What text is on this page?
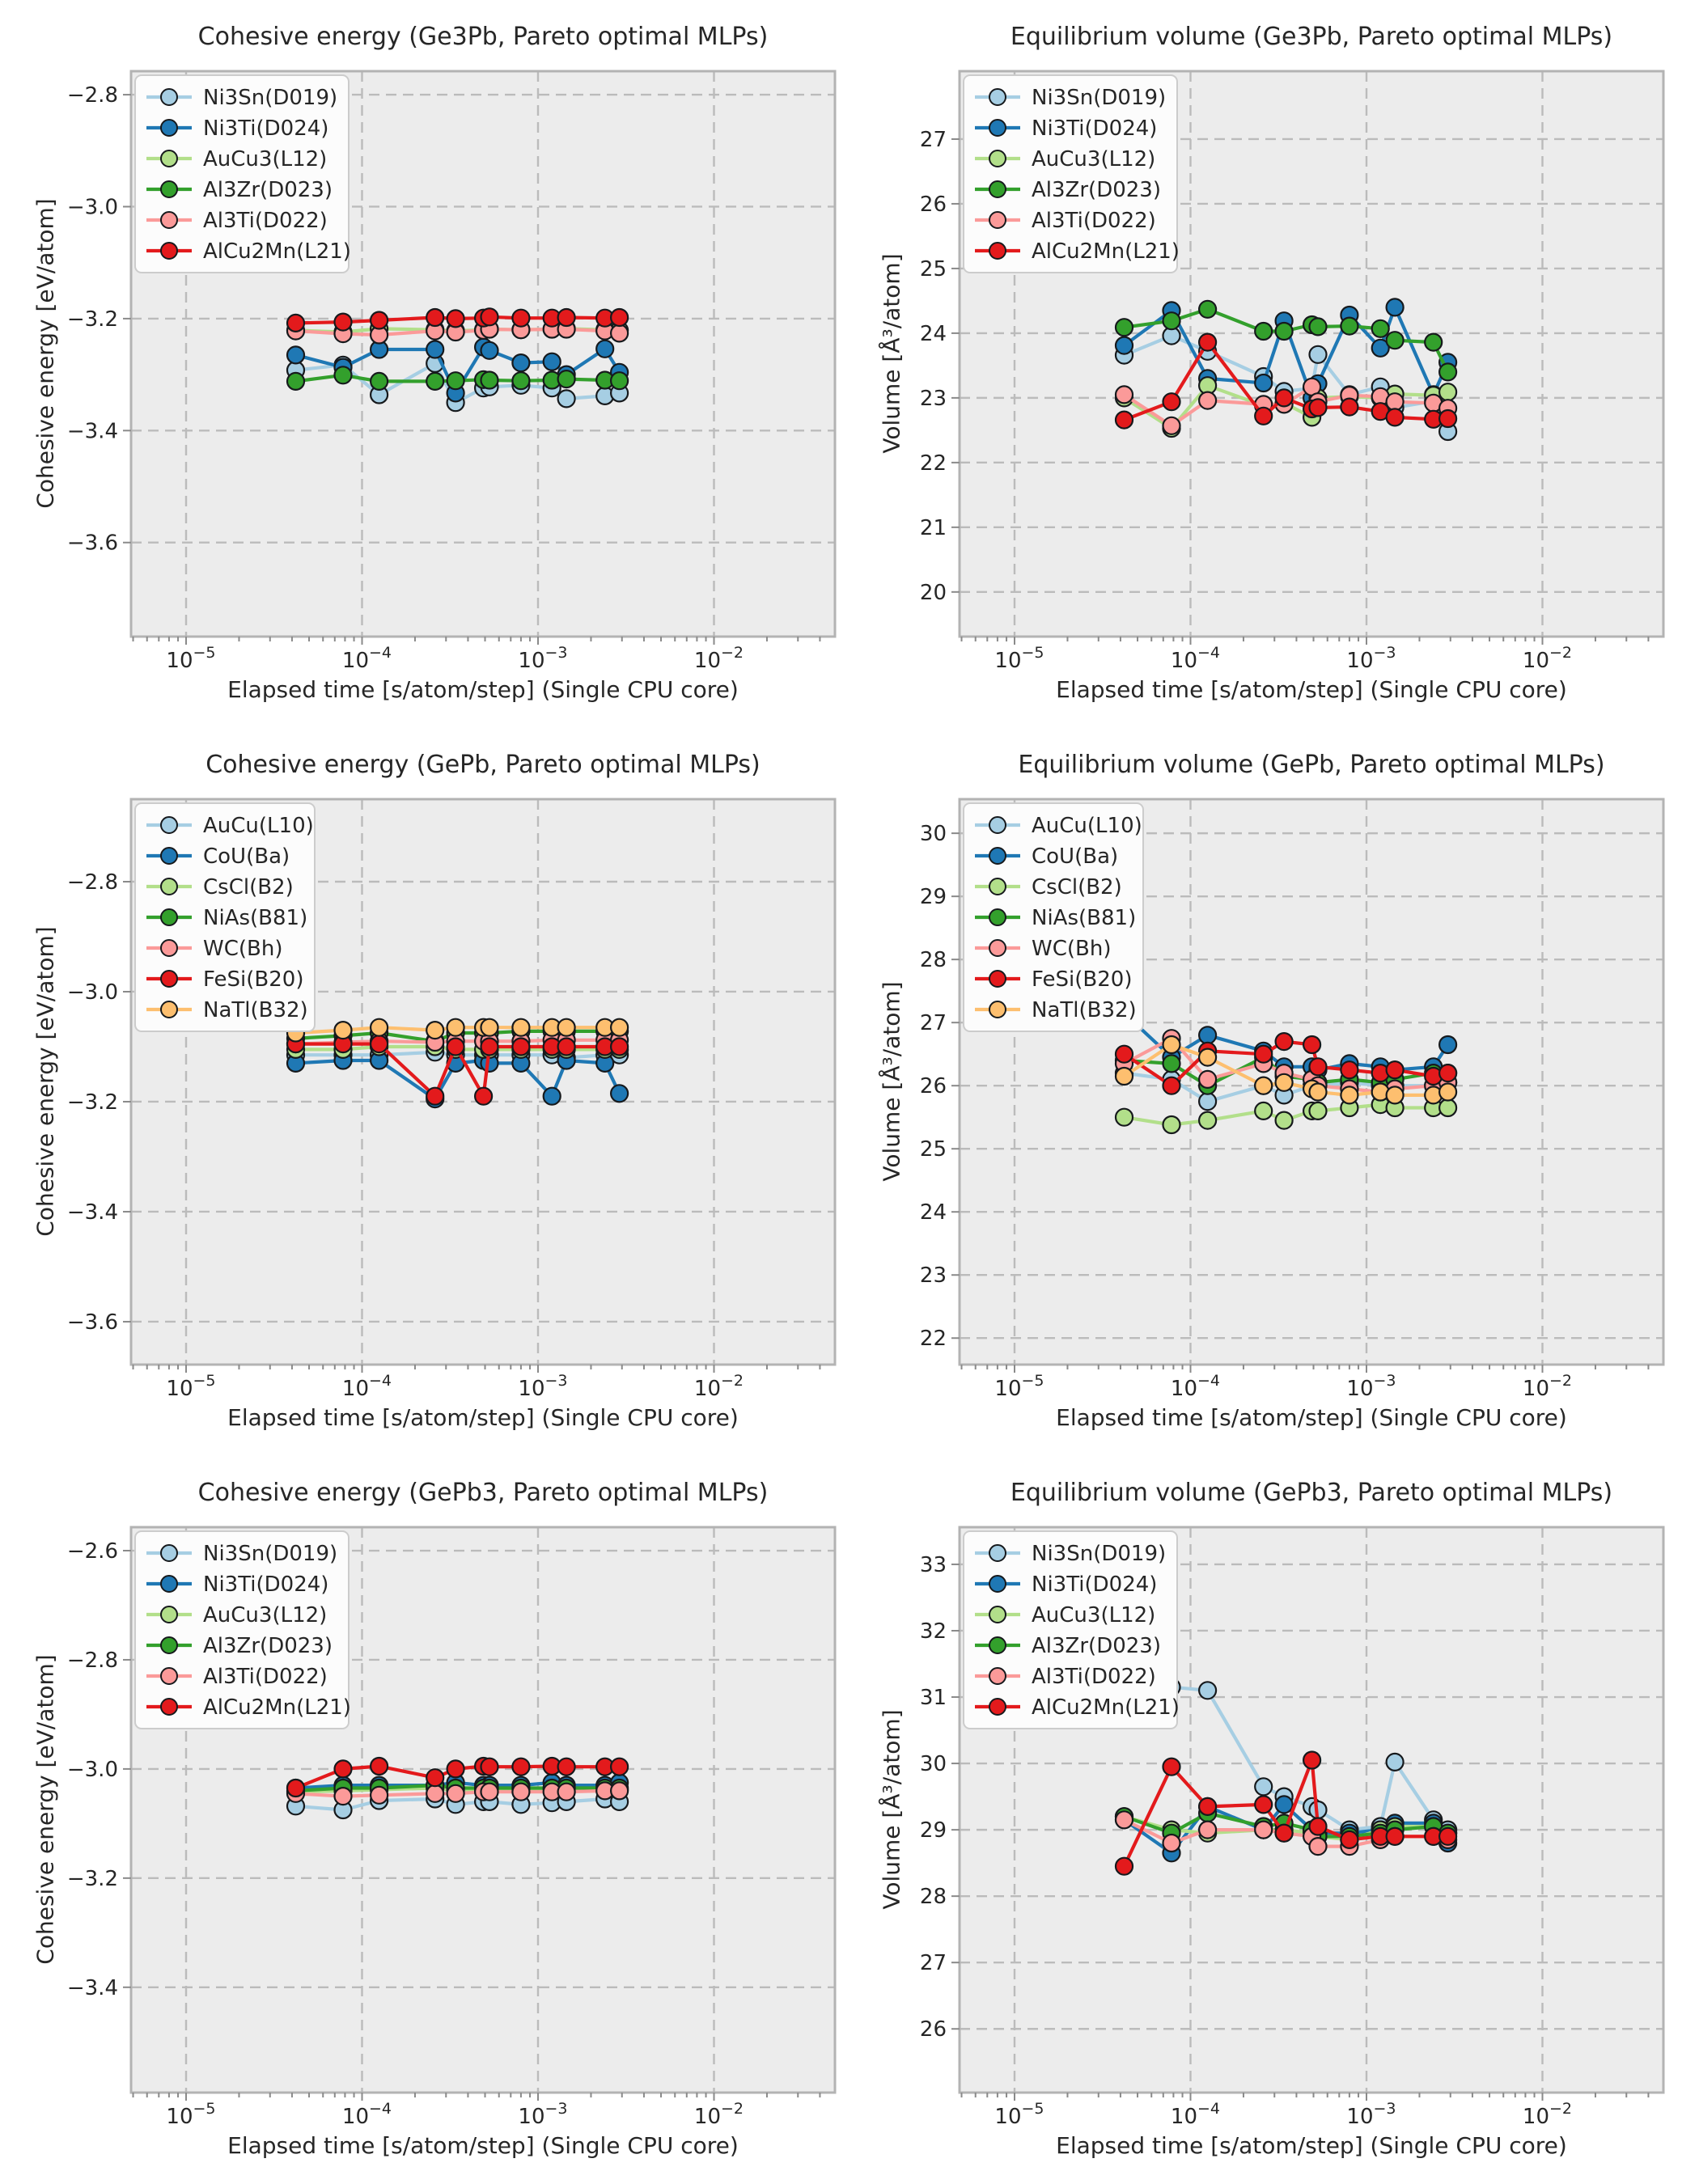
Cohesive energy (Ge3Pb, Pareto optimal MLPs)
Cohesive energy [eV/atom]
−2.8
−3.0
−3.2
−3.4
−3.6
$10^{-5}$	$10^{-4}$	$10^{-3}$	$10^{-2}$
Ni3Sn(D019)
Ni3Ti(D024)
AuCu3(L12)
Al3Zr(D023)
Al3Ti(D022)
AlCu2Mn(L21)
Elapsed time [s/atom/step] (Single CPU core)
Equilibrium volume (Ge3Pb, Pareto optimal MLPs)
Volume [Å³/atom]
20
21
22
23
24
25
26
27
$10^{-5}$	$10^{-4}$	$10^{-3}$	$10^{-2}$
Ni3Sn(D019)
Ni3Ti(D024)
AuCu3(L12)
Al3Zr(D023)
Al3Ti(D022)
AlCu2Mn(L21)
Elapsed time [s/atom/step] (Single CPU core)
Cohesive energy (GePb, Pareto optimal MLPs)
Cohesive energy [eV/atom]
−2.8
−3.0
−3.2
−3.4
−3.6
$10^{-5}$	$10^{-4}$	$10^{-3}$	$10^{-2}$
AuCu(L10)
CoU(Ba)
CsCl(B2)
NiAs(B81)
WC(Bh)
FeSi(B20)
NaTl(B32)
Elapsed time [s/atom/step] (Single CPU core)
Equilibrium volume (GePb, Pareto optimal MLPs)
Volume [Å³/atom]
22
23
24
25
26
27
28
29
30
$10^{-5}$	$10^{-4}$	$10^{-3}$	$10^{-2}$
AuCu(L10)
CoU(Ba)
CsCl(B2)
NiAs(B81)
WC(Bh)
FeSi(B20)
NaTl(B32)
Elapsed time [s/atom/step] (Single CPU core)
Cohesive energy (GePb3, Pareto optimal MLPs)
Cohesive energy [eV/atom]
−2.6
−2.8
−3.0
−3.2
−3.4
$10^{-5}$	$10^{-4}$	$10^{-3}$	$10^{-2}$
Ni3Sn(D019)
Ni3Ti(D024)
AuCu3(L12)
Al3Zr(D023)
Al3Ti(D022)
AlCu2Mn(L21)
Elapsed time [s/atom/step] (Single CPU core)
Equilibrium volume (GePb3, Pareto optimal MLPs)
Volume [Å³/atom]
26
27
28
29
30
31
32
33
$10^{-5}$	$10^{-4}$	$10^{-3}$	$10^{-2}$
Ni3Sn(D019)
Ni3Ti(D024)
AuCu3(L12)
Al3Zr(D023)
Al3Ti(D022)
AlCu2Mn(L21)
Elapsed time [s/atom/step] (Single CPU core)
